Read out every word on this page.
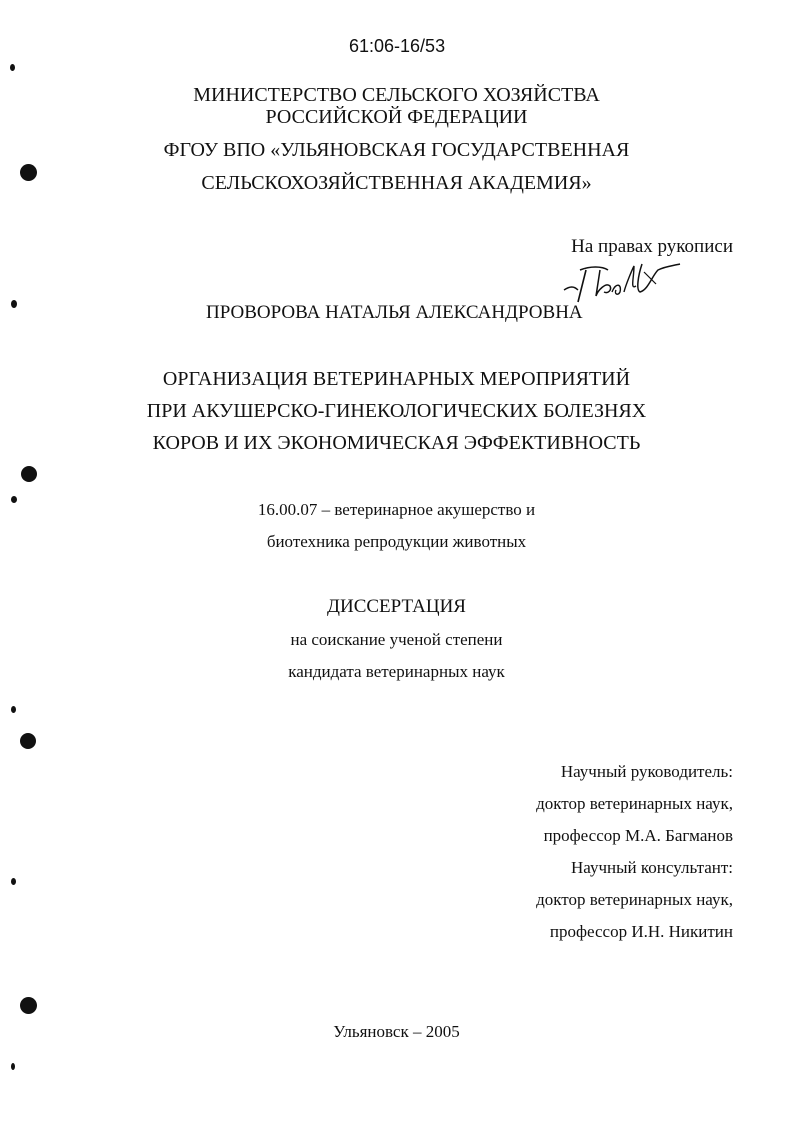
61:06-16/53
МИНИСТЕРСТВО СЕЛЬСКОГО ХОЗЯЙСТВА
РОССИЙСКОЙ ФЕДЕРАЦИИ
ФГОУ ВПО «УЛЬЯНОВСКАЯ ГОСУДАРСТВЕННАЯ
СЕЛЬСКОХОЗЯЙСТВЕННАЯ АКАДЕМИЯ»
На правах рукописи
ПРОВОРОВА НАТАЛЬЯ АЛЕКСАНДРОВНА
ОРГАНИЗАЦИЯ ВЕТЕРИНАРНЫХ МЕРОПРИЯТИЙ
ПРИ АКУШЕРСКО-ГИНЕКОЛОГИЧЕСКИХ БОЛЕЗНЯХ
КОРОВ И ИХ ЭКОНОМИЧЕСКАЯ ЭФФЕКТИВНОСТЬ
16.00.07 – ветеринарное акушерство и
биотехника репродукции животных
ДИССЕРТАЦИЯ
на соискание ученой степени
кандидата ветеринарных наук
Научный руководитель:
доктор ветеринарных наук,
профессор М.А. Багманов
Научный консультант:
доктор ветеринарных наук,
профессор И.Н. Никитин
Ульяновск – 2005
